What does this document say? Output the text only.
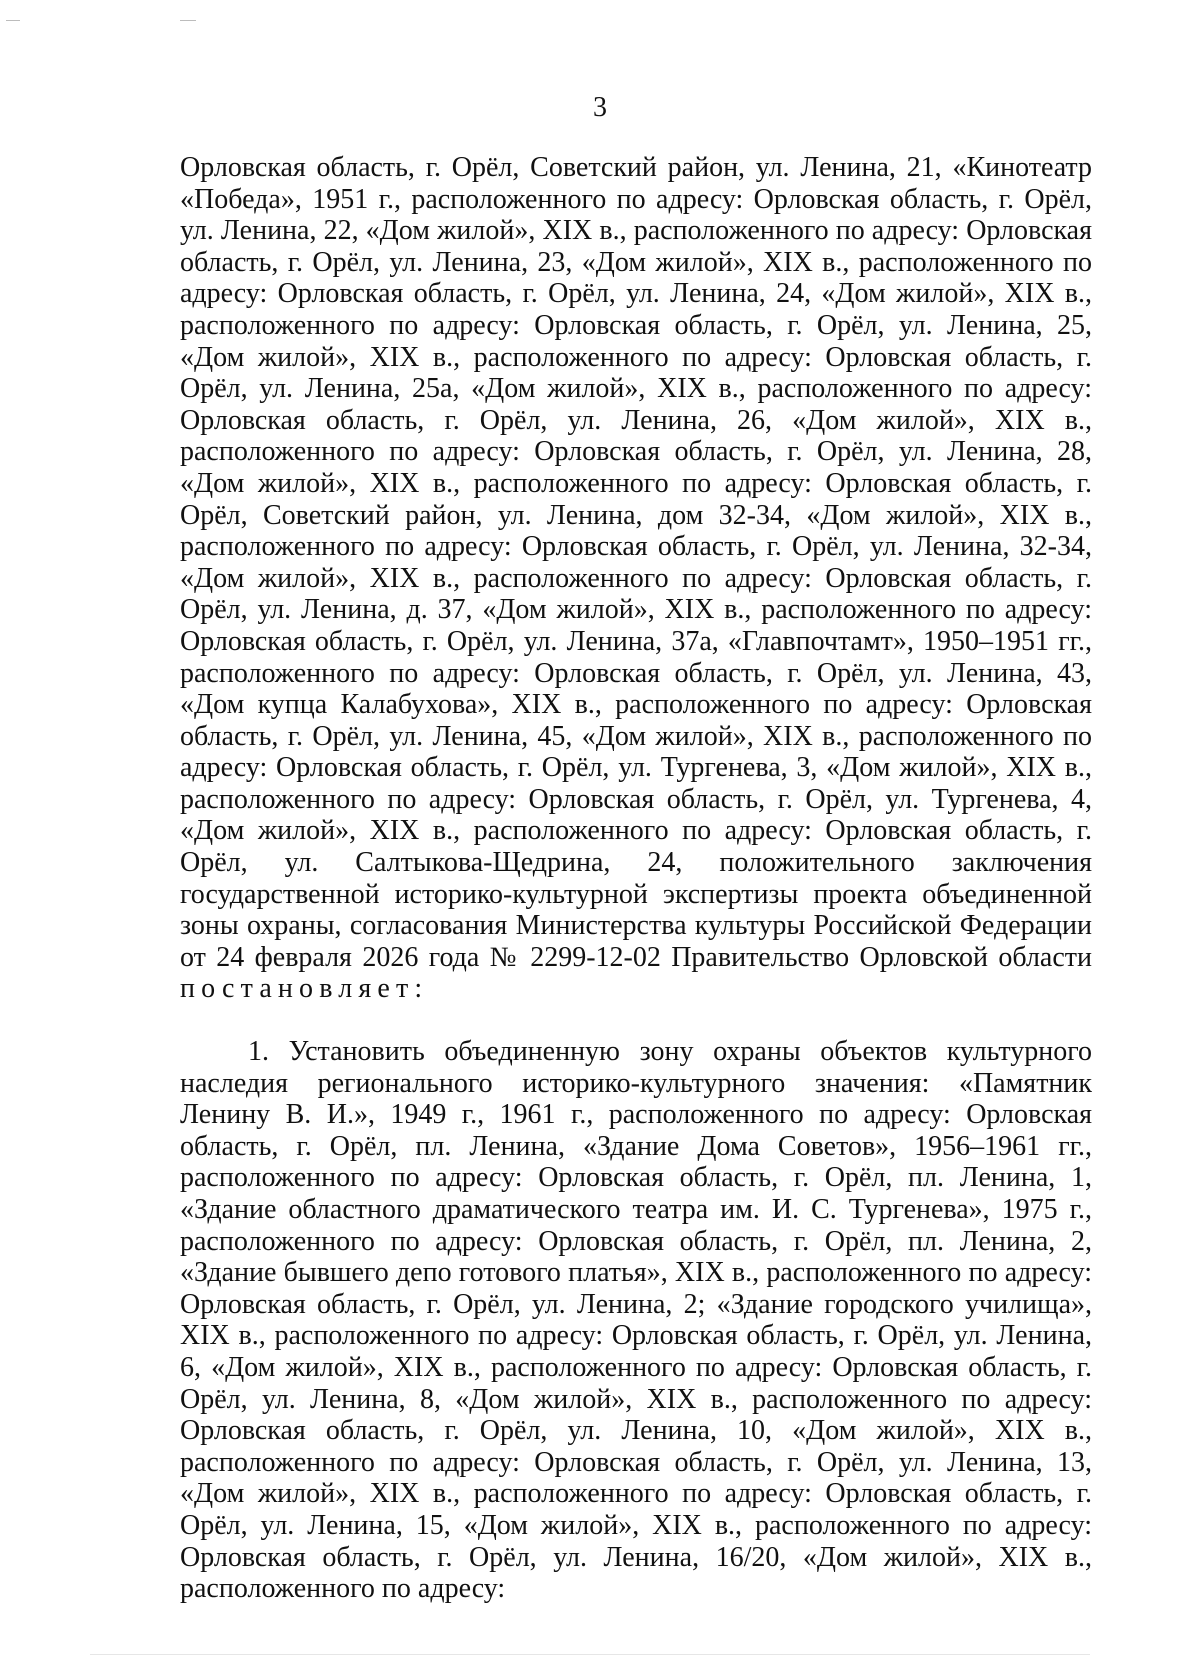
3

Орловская область, г. Орёл, Советский район, ул. Ленина, 21, «Кинотеатр «Победа», 1951 г., расположенного по адресу: Орловская область, г. Орёл, ул. Ленина, 22, «Дом жилой», XIX в., расположенного по адресу: Орловская область, г. Орёл, ул. Ленина, 23, «Дом жилой», XIX в., расположенного по адресу: Орловская область, г. Орёл, ул. Ленина, 24, «Дом жилой», XIX в., расположенного по адресу: Орловская область, г. Орёл, ул. Ленина, 25, «Дом жилой», XIX в., расположенного по адресу: Орловская область, г. Орёл, ул. Ленина, 25а, «Дом жилой», XIX в., расположенного по адресу: Орловская область, г. Орёл, ул. Ленина, 26, «Дом жилой», XIX в., расположенного по адресу: Орловская область, г. Орёл, ул. Ленина, 28, «Дом жилой», XIX в., расположенного по адресу: Орловская область, г. Орёл, Советский район, ул. Ленина, дом 32-34, «Дом жилой», XIX в., расположенного по адресу: Орловская область, г. Орёл, ул. Ленина, 32-34, «Дом жилой», XIX в., расположенного по адресу: Орловская область, г. Орёл, ул. Ленина, д. 37, «Дом жилой», XIX в., расположенного по адресу: Орловская область, г. Орёл, ул. Ленина, 37а, «Главпочтамт», 1950–1951 гг., расположенного по адресу: Орловская область, г. Орёл, ул. Ленина, 43, «Дом купца Калабухова», XIX в., расположенного по адресу: Орловская область, г. Орёл, ул. Ленина, 45, «Дом жилой», XIX в., расположенного по адресу: Орловская область, г. Орёл, ул. Тургенева, 3, «Дом жилой», XIX в., расположенного по адресу: Орловская область, г. Орёл, ул. Тургенева, 4, «Дом жилой», XIX в., расположенного по адресу: Орловская область, г. Орёл, ул. Салтыкова-Щедрина, 24, положительного заключения государственной историко-культурной экспертизы проекта объединенной зоны охраны, согласования Министерства культуры Российской Федерации от 24 февраля 2026 года № 2299-12-02 Правительство Орловской области постановляет:

1. Установить объединенную зону охраны объектов культурного наследия регионального историко-культурного значения: «Памятник Ленину В. И.», 1949 г., 1961 г., расположенного по адресу: Орловская область, г. Орёл, пл. Ленина, «Здание Дома Советов», 1956–1961 гг., расположенного по адресу: Орловская область, г. Орёл, пл. Ленина, 1, «Здание областного драматического театра им. И. С. Тургенева», 1975 г., расположенного по адресу: Орловская область, г. Орёл, пл. Ленина, 2, «Здание бывшего депо готового платья», XIX в., расположенного по адресу: Орловская область, г. Орёл, ул. Ленина, 2; «Здание городского училища», XIX в., расположенного по адресу: Орловская область, г. Орёл, ул. Ленина, 6, «Дом жилой», XIX в., расположенного по адресу: Орловская область, г. Орёл, ул. Ленина, 8, «Дом жилой», XIX в., расположенного по адресу: Орловская область, г. Орёл, ул. Ленина, 10, «Дом жилой», XIX в., расположенного по адресу: Орловская область, г. Орёл, ул. Ленина, 13, «Дом жилой», XIX в., расположенного по адресу: Орловская область, г. Орёл, ул. Ленина, 15, «Дом жилой», XIX в., расположенного по адресу: Орловская область, г. Орёл, ул. Ленина, 16/20, «Дом жилой», XIX в., расположенного по адресу:
